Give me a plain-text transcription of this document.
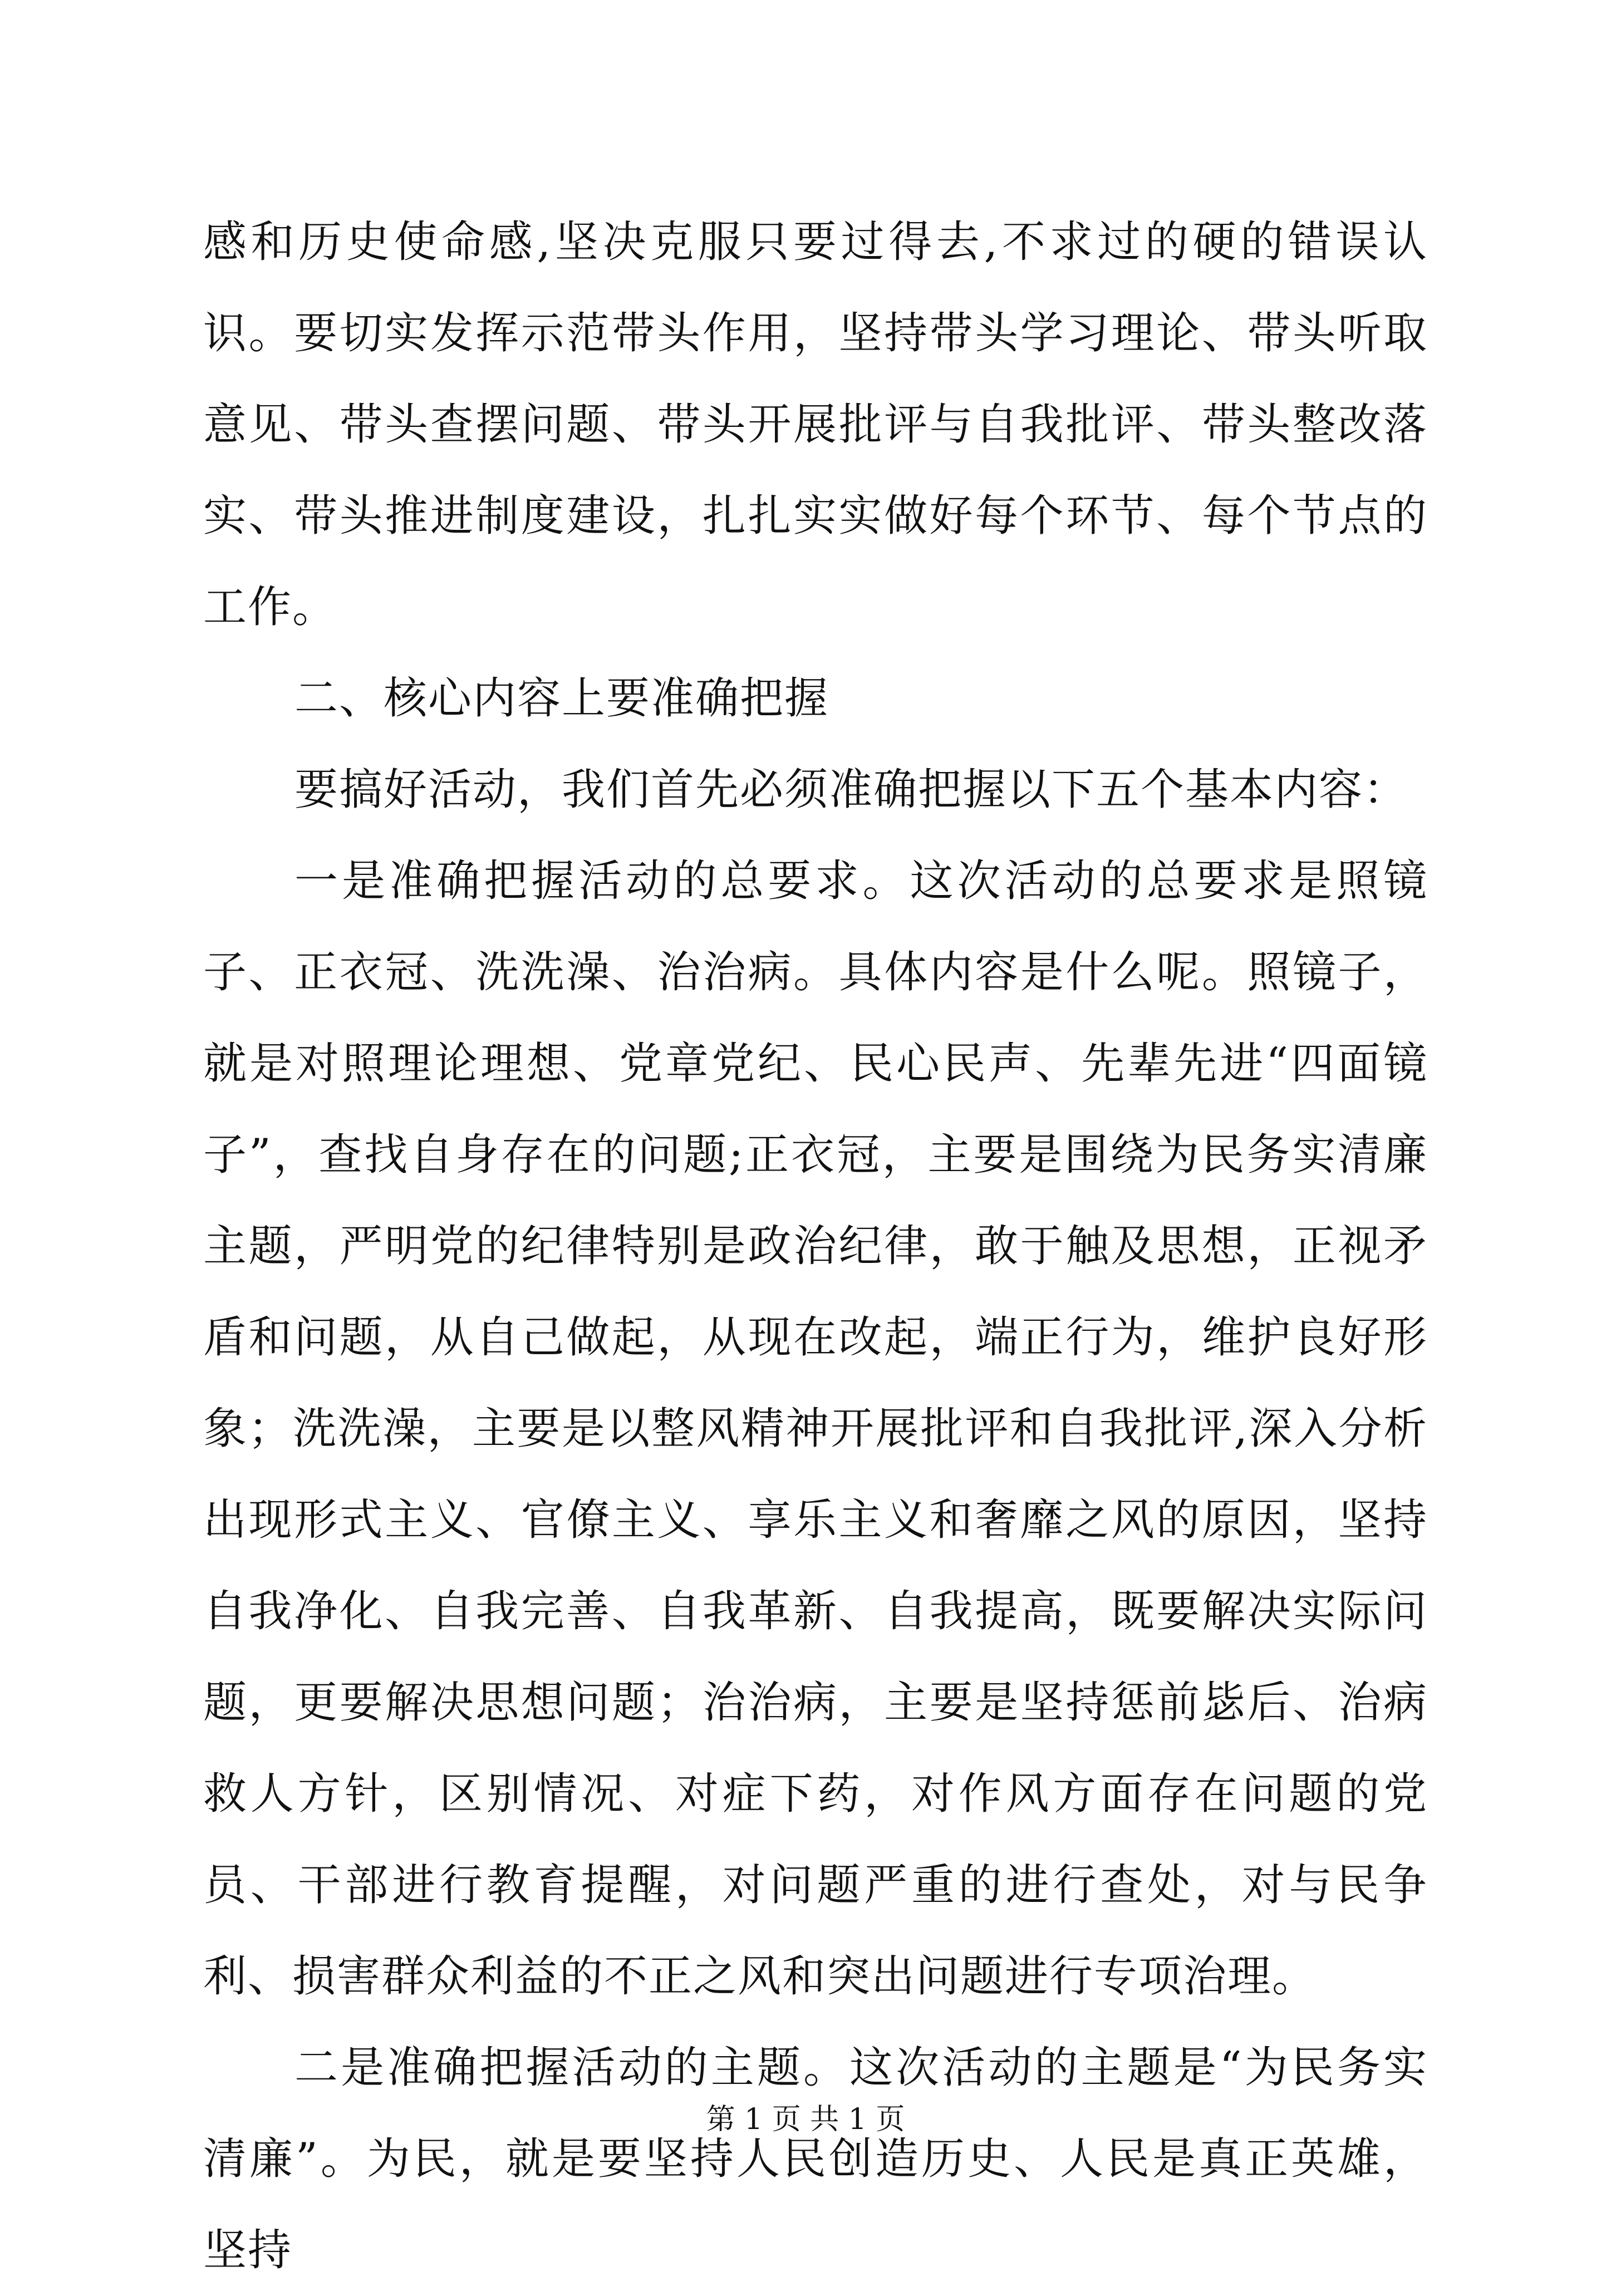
感和历史使命感,坚决克服只要过得去,不求过的硬的错误认识。要切实发挥示范带头作用，坚持带头学习理论、带头听取意见、带头查摆问题、带头开展批评与自我批评、带头整改落实、带头推进制度建设，扎扎实实做好每个环节、每个节点的工作。

二、核心内容上要准确把握

要搞好活动，我们首先必须准确把握以下五个基本内容：

一是准确把握活动的总要求。这次活动的总要求是照镜子、正衣冠、洗洗澡、治治病。具体内容是什么呢。照镜子，就是对照理论理想、党章党纪、民心民声、先辈先进“四面镜子”，查找自身存在的问题;正衣冠，主要是围绕为民务实清廉主题，严明党的纪律特别是政治纪律，敢于触及思想，正视矛盾和问题，从自己做起，从现在改起，端正行为，维护良好形象；洗洗澡，主要是以整风精神开展批评和自我批评,深入分析出现形式主义、官僚主义、享乐主义和奢靡之风的原因，坚持自我净化、自我完善、自我革新、自我提高，既要解决实际问题，更要解决思想问题；治治病，主要是坚持惩前毖后、治病救人方针，区别情况、对症下药，对作风方面存在问题的党员、干部进行教育提醒，对问题严重的进行查处，对与民争利、损害群众利益的不正之风和突出问题进行专项治理。

二是准确把握活动的主题。这次活动的主题是“为民务实清廉”。为民，就是要坚持人民创造历史、人民是真正英雄，坚持

第 1 页 共 1 页
